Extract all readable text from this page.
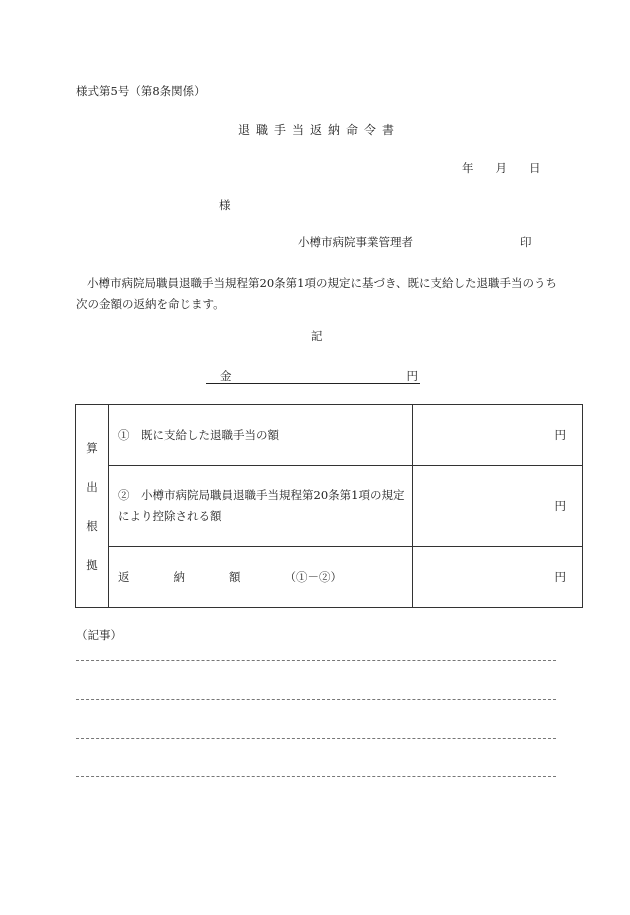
様式第5号（第8条関係）
退職手当返納命令書
年 月 日
様
小樽市病院事業管理者	印
小樽市病院局職員退職手当規程第20条第1項の規定に基づき、既に支給した退職手当のうち次の金額の返納を命じます。
記
金	円
算
出
根
拠	①　既に支給した退職手当の額	円

	②　小樽市病院局職員退職手当規程第20条第1項の規定により控除される額	円
	返 納 額 （①－②）	円
（記事）
